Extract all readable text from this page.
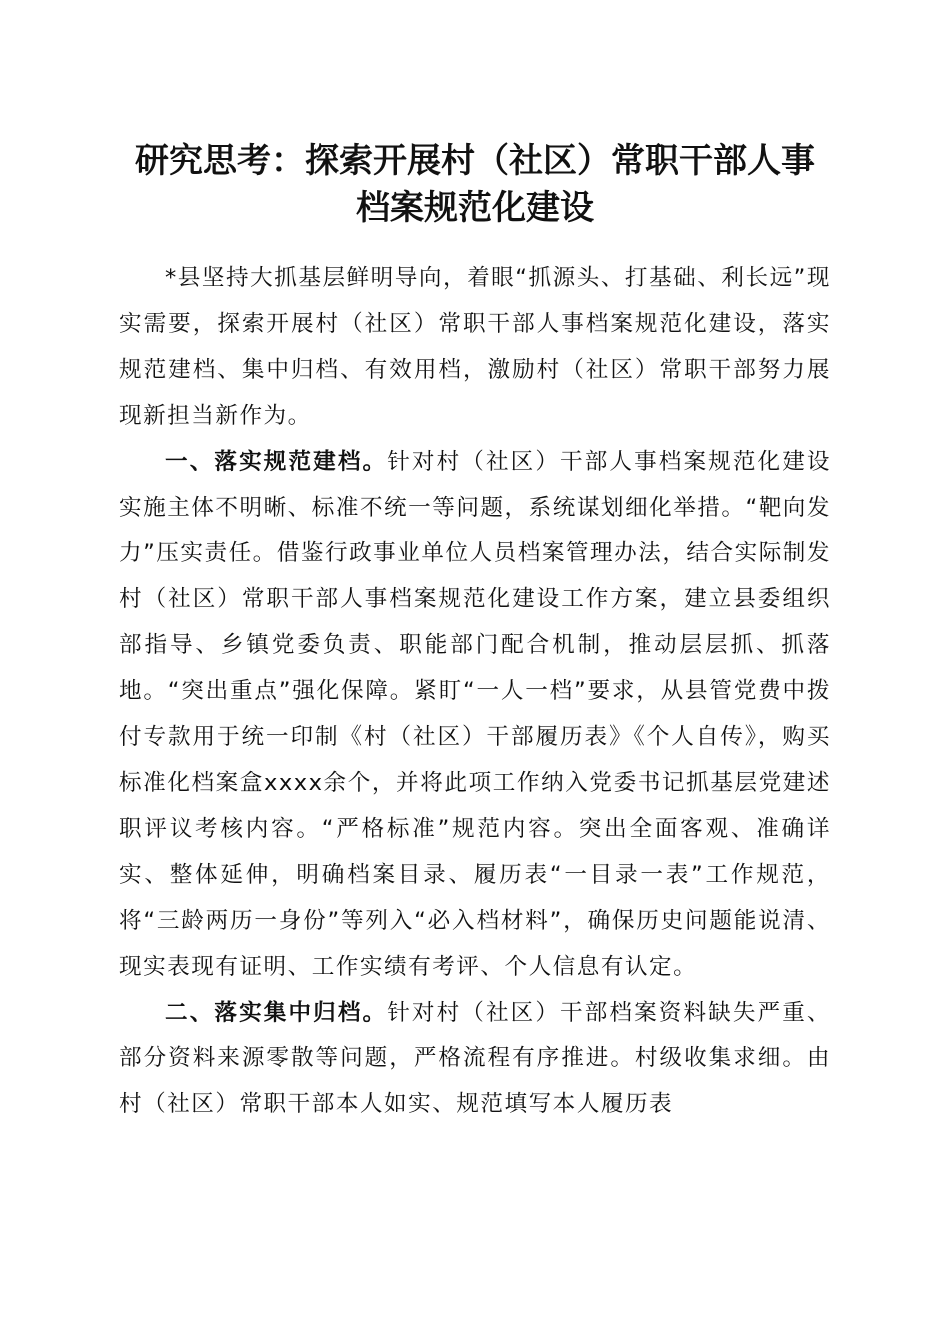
研究思考：探索开展村（社区）常职干部人事
档案规范化建设

*县坚持大抓基层鲜明导向，着眼“抓源头、打基础、利长远”现实需要，探索开展村（社区）常职干部人事档案规范化建设，落实规范建档、集中归档、有效用档，激励村（社区）常职干部努力展现新担当新作为。

一、落实规范建档。针对村（社区）干部人事档案规范化建设实施主体不明晰、标准不统一等问题，系统谋划细化举措。“靶向发力”压实责任。借鉴行政事业单位人员档案管理办法，结合实际制发村（社区）常职干部人事档案规范化建设工作方案，建立县委组织部指导、乡镇党委负责、职能部门配合机制，推动层层抓、抓落地。“突出重点”强化保障。紧盯“一人一档”要求，从县管党费中拨付专款用于统一印制《村（社区）干部履历表》《个人自传》，购买标准化档案盒xxxx余个，并将此项工作纳入党委书记抓基层党建述职评议考核内容。“严格标准”规范内容。突出全面客观、准确详实、整体延伸，明确档案目录、履历表“一目录一表”工作规范，将“三龄两历一身份”等列入“必入档材料”，确保历史问题能说清、现实表现有证明、工作实绩有考评、个人信息有认定。

二、落实集中归档。针对村（社区）干部档案资料缺失严重、部分资料来源零散等问题，严格流程有序推进。村级收集求细。由村（社区）常职干部本人如实、规范填写本人履历表
